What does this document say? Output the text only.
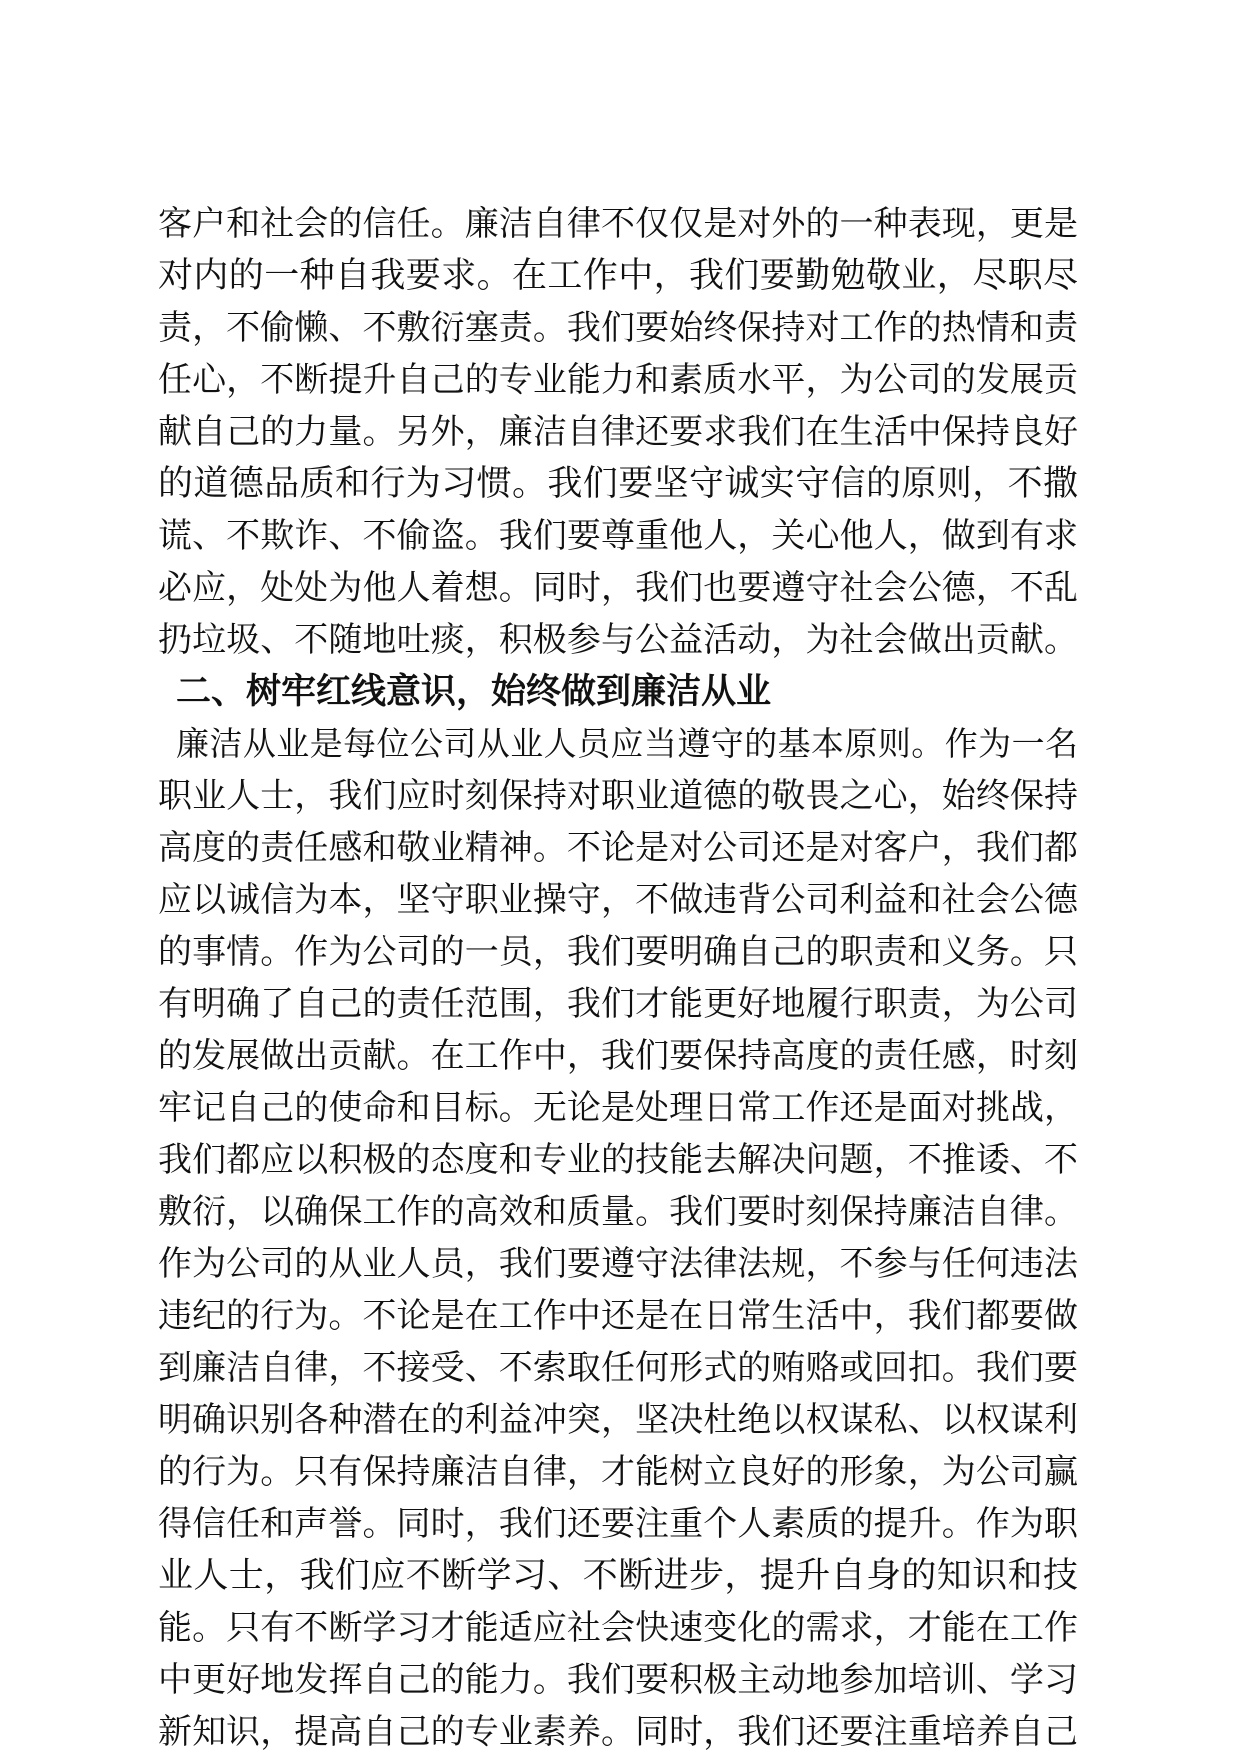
客户和社会的信任。廉洁自律不仅仅是对外的一种表现，更是
对内的一种自我要求。在工作中，我们要勤勉敬业，尽职尽
责，不偷懒、不敷衍塞责。我们要始终保持对工作的热情和责
任心，不断提升自己的专业能力和素质水平，为公司的发展贡
献自己的力量。另外，廉洁自律还要求我们在生活中保持良好
的道德品质和行为习惯。我们要坚守诚实守信的原则，不撒
谎、不欺诈、不偷盗。我们要尊重他人，关心他人，做到有求
必应，处处为他人着想。同时，我们也要遵守社会公德，不乱
扔垃圾、不随地吐痰，积极参与公益活动，为社会做出贡献。
二、树牢红线意识，始终做到廉洁从业
廉洁从业是每位公司从业人员应当遵守的基本原则。作为一名
职业人士，我们应时刻保持对职业道德的敬畏之心，始终保持
高度的责任感和敬业精神。不论是对公司还是对客户，我们都
应以诚信为本，坚守职业操守，不做违背公司利益和社会公德
的事情。作为公司的一员，我们要明确自己的职责和义务。只
有明确了自己的责任范围，我们才能更好地履行职责，为公司
的发展做出贡献。在工作中，我们要保持高度的责任感，时刻
牢记自己的使命和目标。无论是处理日常工作还是面对挑战，
我们都应以积极的态度和专业的技能去解决问题，不推诿、不
敷衍，以确保工作的高效和质量。我们要时刻保持廉洁自律。
作为公司的从业人员，我们要遵守法律法规，不参与任何违法
违纪的行为。不论是在工作中还是在日常生活中，我们都要做
到廉洁自律，不接受、不索取任何形式的贿赂或回扣。我们要
明确识别各种潜在的利益冲突，坚决杜绝以权谋私、以权谋利
的行为。只有保持廉洁自律，才能树立良好的形象，为公司赢
得信任和声誉。同时，我们还要注重个人素质的提升。作为职
业人士，我们应不断学习、不断进步，提升自身的知识和技
能。只有不断学习才能适应社会快速变化的需求，才能在工作
中更好地发挥自己的能力。我们要积极主动地参加培训、学习
新知识，提高自己的专业素养。同时，我们还要注重培养自己
